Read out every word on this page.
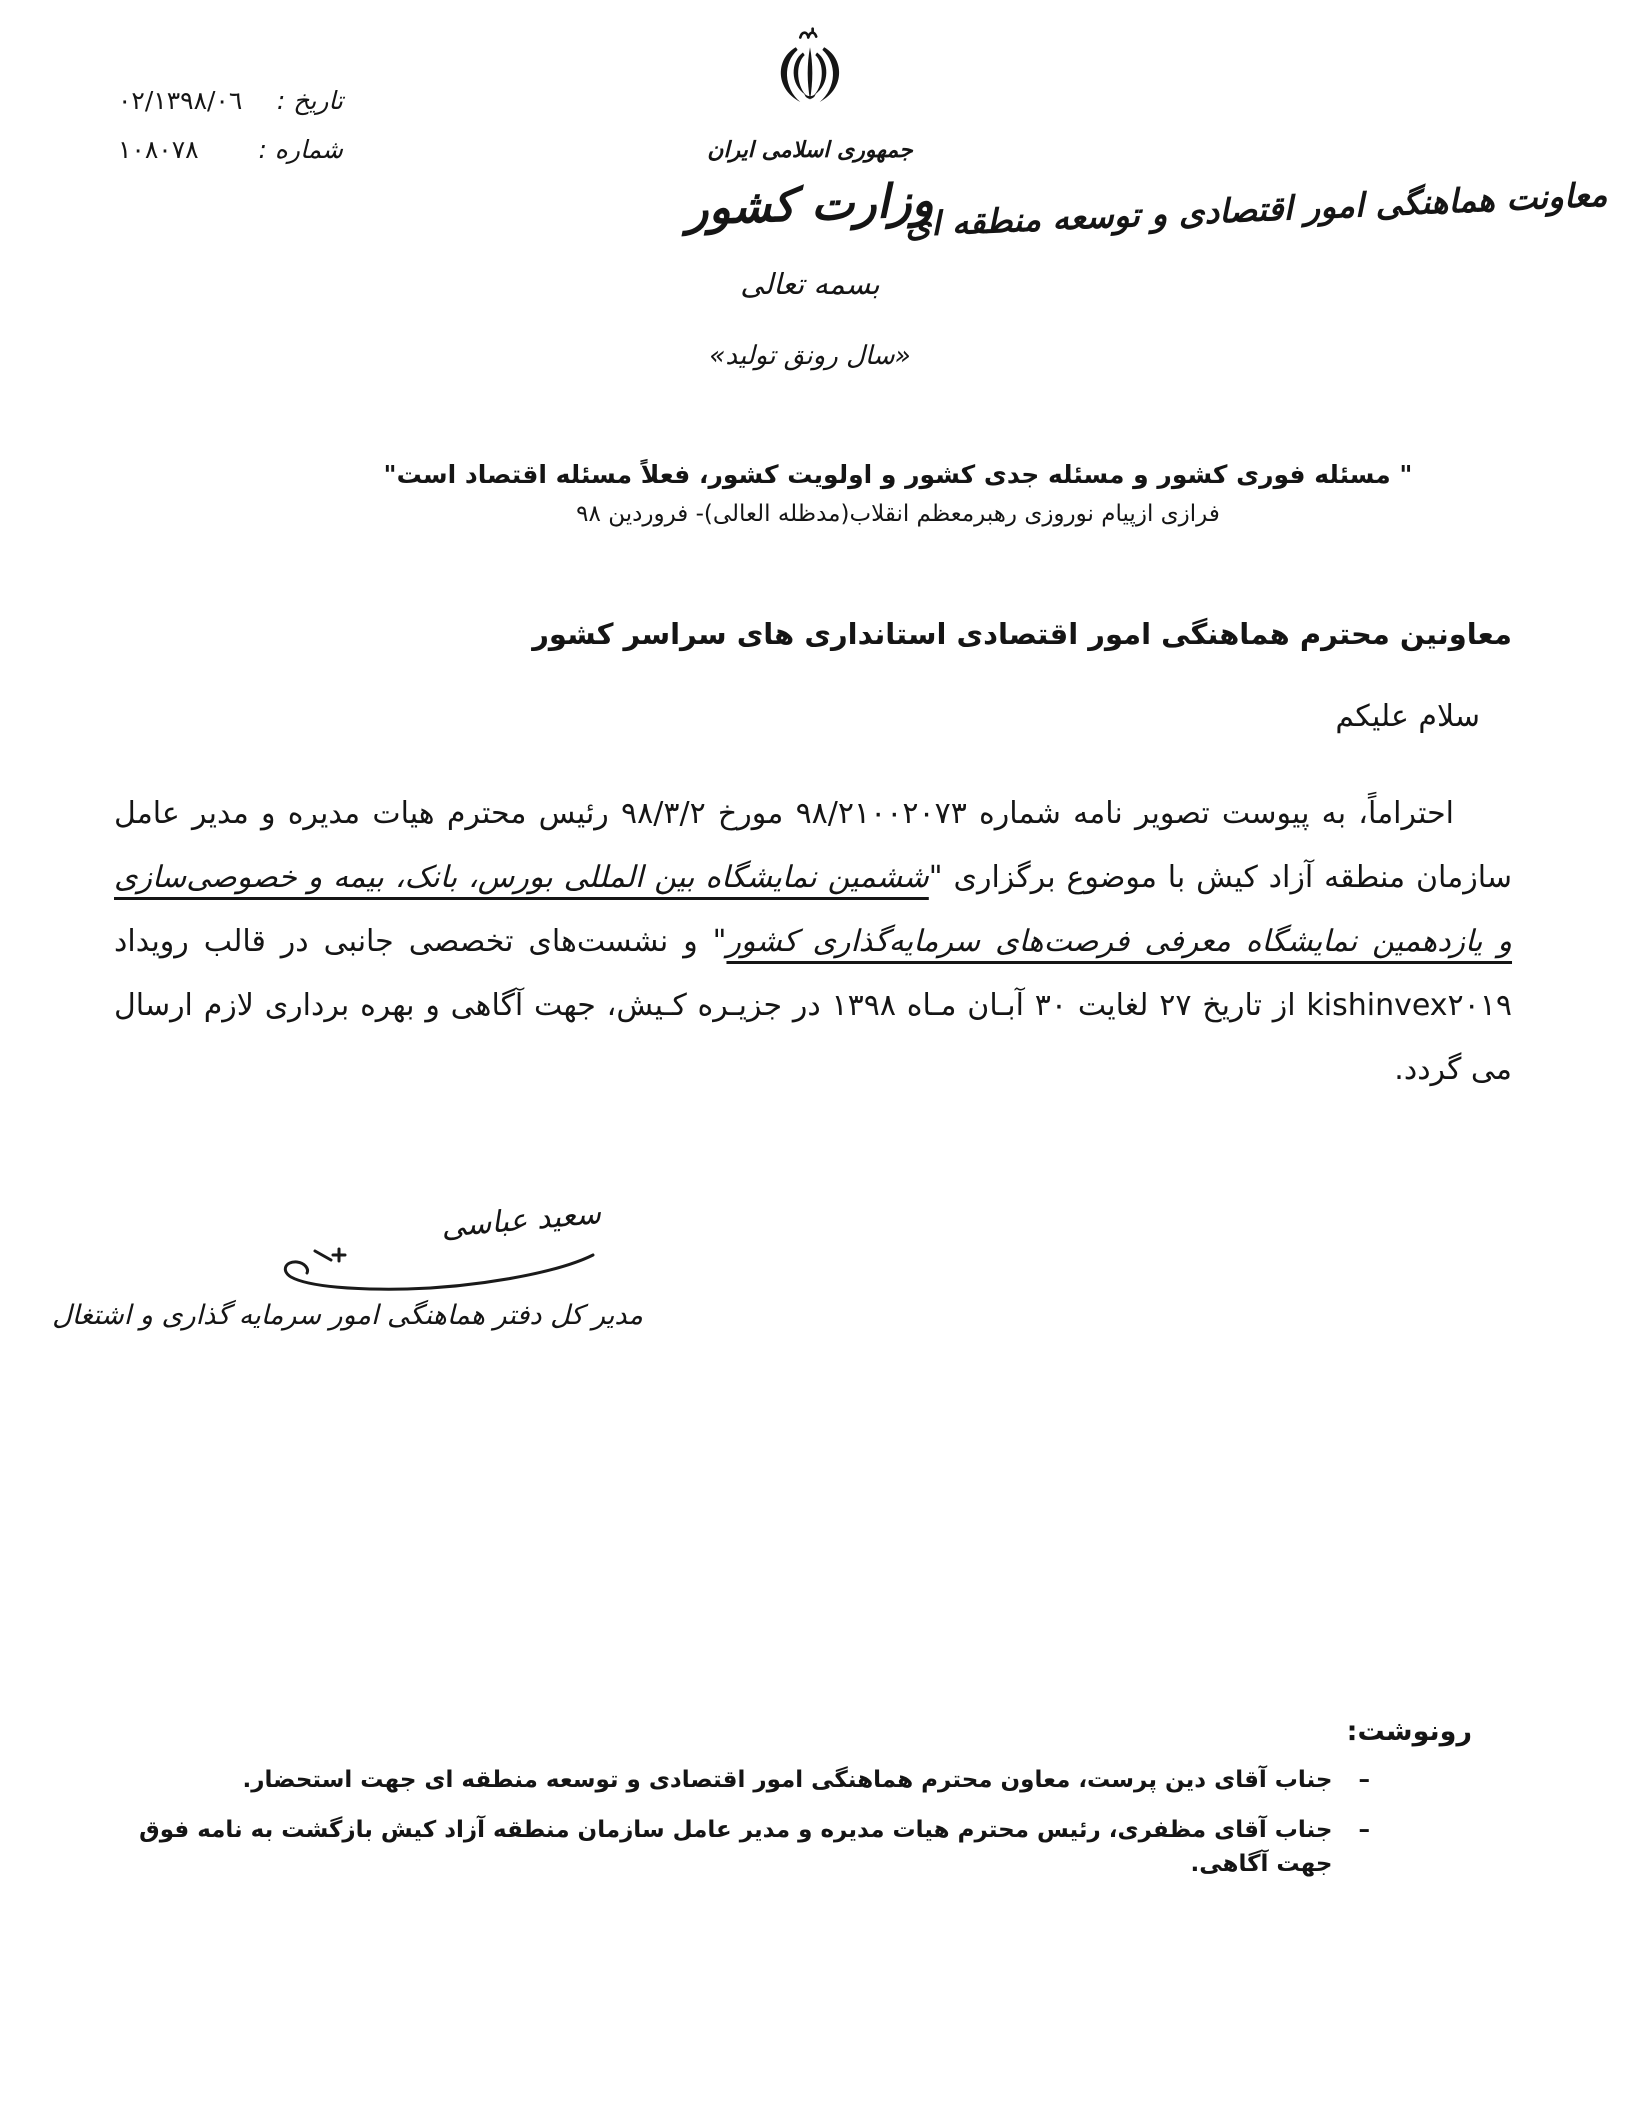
تاریخ :
۱۳۹۸/۰٦/۰۲
شماره :
۱۰۸۰۷۸	جمهوری اسلامی ایران
وزارت کشور
بسمه تعالی
«سال رونق تولید»
معاونت هماهنگی امور اقتصادی و توسعه منطقه ای
" مسئله فوری کشور و مسئله جدی کشور و اولویت کشور، فعلاً مسئله اقتصاد است"
فرازی ازپیام نوروزی رهبرمعظم انقلاب(مدظله العالی)- فروردین ۹۸
معاونین محترم هماهنگی امور اقتصادی استانداری های سراسر کشور
سلام علیکم

احتراماً، به پیوست تصویر نامه شماره ۹۸/۲۱۰۰۲۰۷۳ مورخ ۹۸/۳/۲ رئیس محترم هیات مدیره و مدیر عامل سازمان منطقه آزاد کیش با موضوع برگزاری "ششمین نمایشگاه بین المللی بورس، بانک، بیمه و خصوصی‌سازی و یازدهمین نمایشگاه معرفی فرصت‌های سرمایه‌گذاری کشور" و نشست‌های تخصصی جانبی در قالب رویداد kishinvex۲۰۱۹ از تاریخ ۲۷ لغایت ۳۰ آبـان مـاه ۱۳۹۸ در جزیـره کـیش، جهت آگاهی و بهره برداری لازم ارسال می گردد.

سعید عباسی
مدیر کل دفتر هماهنگی امور سرمایه گذاری و اشتغال
رونوشت:
–
جناب آقای دین پرست، معاون محترم هماهنگی امور اقتصادی و توسعه منطقه ای جهت استحضار.
–
جناب آقای مظفری، رئیس محترم هیات مدیره و مدیر عامل سازمان منطقه آزاد کیش بازگشت به نامه فوق جهت آگاهی.
